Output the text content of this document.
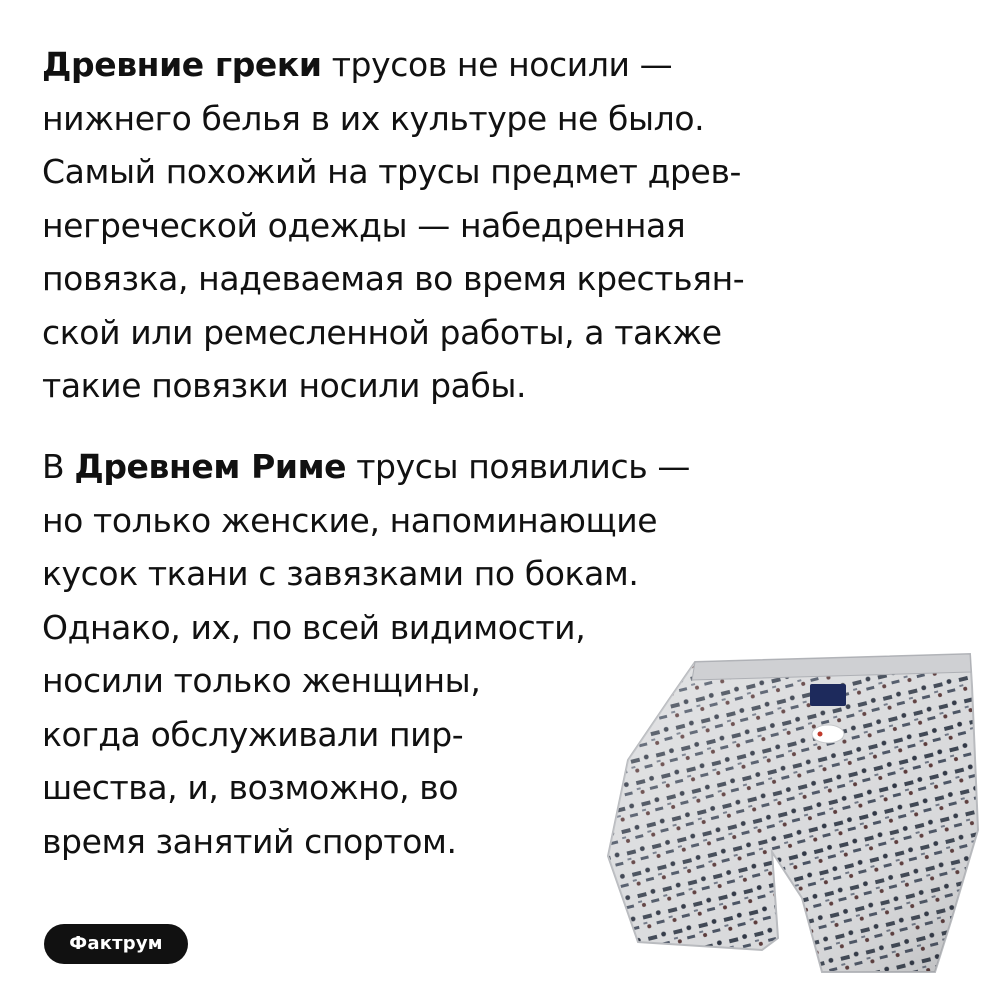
Древние греки трусов не носили —
нижнего белья в их культуре не было.
Самый похожий на трусы предмет древ-
негреческой одежды — набедренная
повязка, надеваемая во время крестьян-
ской или ремесленной работы, а также
такие повязки носили рабы.

В Древнем Риме трусы появились —
но только женские, напоминающие
кусок ткани с завязками по бокам.
Однако, их, по всей видимости,
носили только женщины,
когда обслуживали пир-
шества, и, возможно, во
время занятий спортом.

Фактрум
